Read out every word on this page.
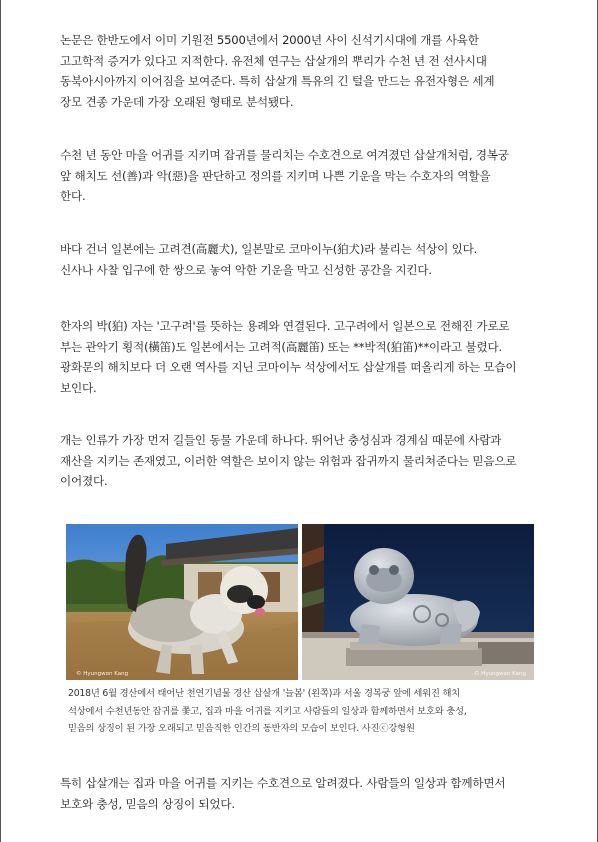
논문은 한반도에서 이미 기원전 5500년에서 2000년 사이 신석기시대에 개를 사육한
고고학적 증거가 있다고 지적한다. 유전체 연구는 삽살개의 뿌리가 수천 년 전 선사시대
동북아시아까지 이어짐을 보여준다. 특히 삽살개 특유의 긴 털을 만드는 유전자형은 세계
장모 견종 가운데 가장 오래된 형태로 분석됐다.

수천 년 동안 마을 어귀를 지키며 잡귀를 물리치는 수호견으로 여겨졌던 삽살개처럼, 경복궁
앞 해치도 선(善)과 악(惡)을 판단하고 정의를 지키며 나쁜 기운을 막는 수호자의 역할을
한다.

바다 건너 일본에는 고려견(高麗犬), 일본말로 코마이누(狛犬)라 불리는 석상이 있다.
신사나 사찰 입구에 한 쌍으로 놓여 악한 기운을 막고 신성한 공간을 지킨다.

한자의 박(狛) 자는 '고구려'를 뜻하는 용례와 연결된다. 고구려에서 일본으로 전해진 가로로
부는 관악기 횡적(橫笛)도 일본에서는 고려적(高麗笛) 또는 **박적(狛笛)**이라고 불렸다.
광화문의 해치보다 더 오랜 역사를 지닌 코마이누 석상에서도 삽살개를 떠올리게 하는 모습이
보인다.

개는 인류가 가장 먼저 길들인 동물 가운데 하나다. 뛰어난 충성심과 경계심 때문에 사람과
재산을 지키는 존재였고, 이러한 역할은 보이지 않는 위험과 잡귀까지 물리쳐준다는 믿음으로
이어졌다.

특히 삽살개는 집과 마을 어귀를 지키는 수호견으로 알려졌다. 사람들의 일상과 함께하면서
보호와 충성, 믿음의 상징이 되었다.

© Hyungwon Kang	© Hyungwon Kang

2018년 6월 경산에서 태어난 천연기념물 경산 삽살개 '늘봄' (왼쪽)과 서울 경복궁 앞에 세워진 해치
석상에서 수천년동안 잡귀를 쫓고, 집과 마을 어귀를 지키고 사람들의 일상과 함께하면서 보호와 충성,
믿음의 상징이 된 가장 오래되고 믿음직한 인간의 동반자의 모습이 보인다. 사진ⓒ강형원
